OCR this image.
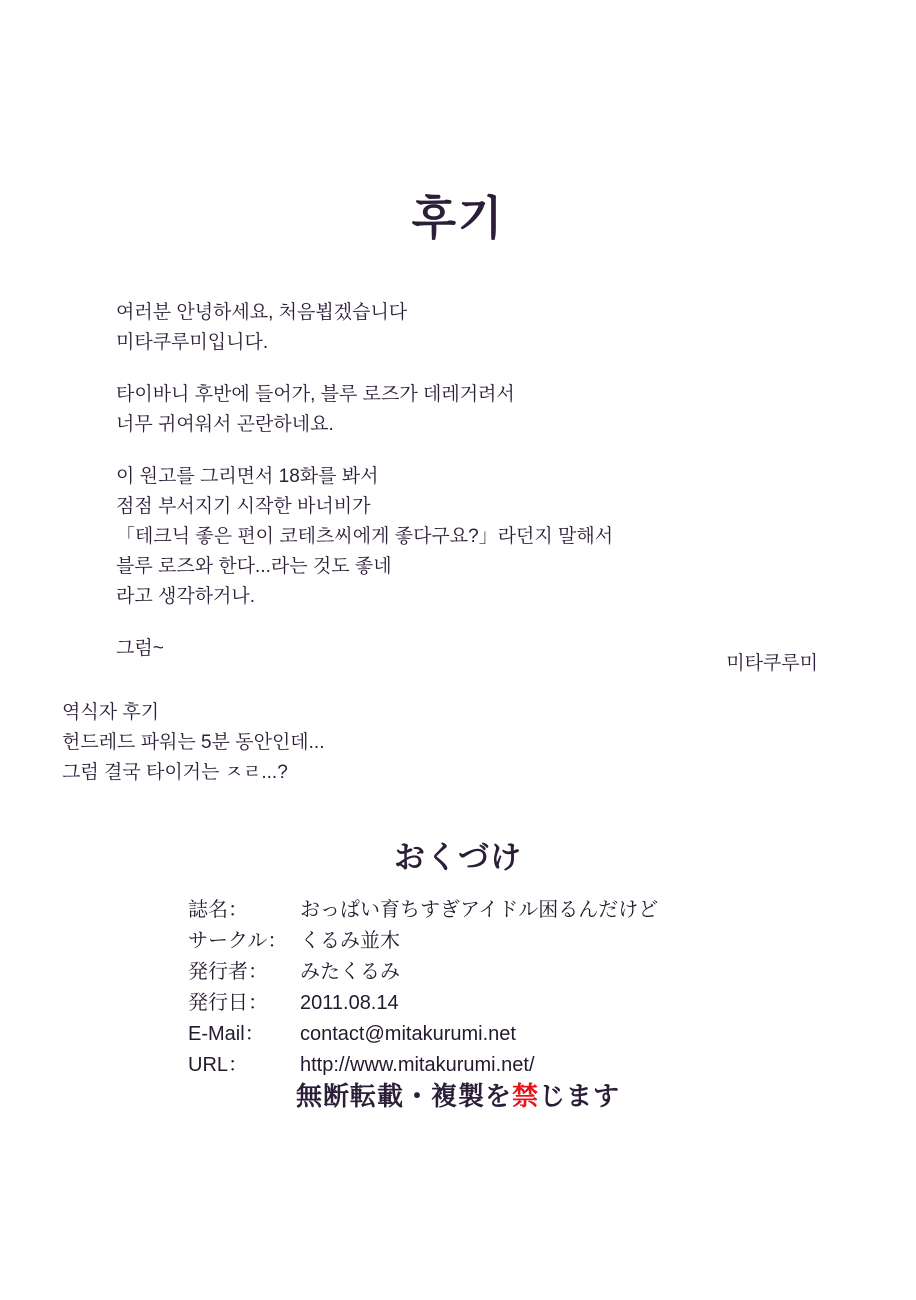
후기

여러분 안녕하세요, 처음뵙겠습니다
미타쿠루미입니다.

타이바니 후반에 들어가, 블루 로즈가 데레거려서
너무 귀여워서 곤란하네요.

이 원고를 그리면서 18화를 봐서
점점 부서지기 시작한 바너비가
「테크닉 좋은 편이 코테츠씨에게 좋다구요?」라던지 말해서
블루 로즈와 한다...라는 것도 좋네
라고 생각하거나.

그럼~

미타쿠루미
역식자 후기
헌드레드 파워는 5분 동안인데...
그럼 결국 타이거는 ㅈㄹ...?
おくづけ
誌名：	おっぱい育ちすぎアイドル困るんだけど
サークル： くるみ並木
発行者：	みたくるみ
発行日：	2011.08.14
E-Mail：	contact@mitakurumi.net
URL：	http://www.mitakurumi.net/
無断転載・複製を禁じます
